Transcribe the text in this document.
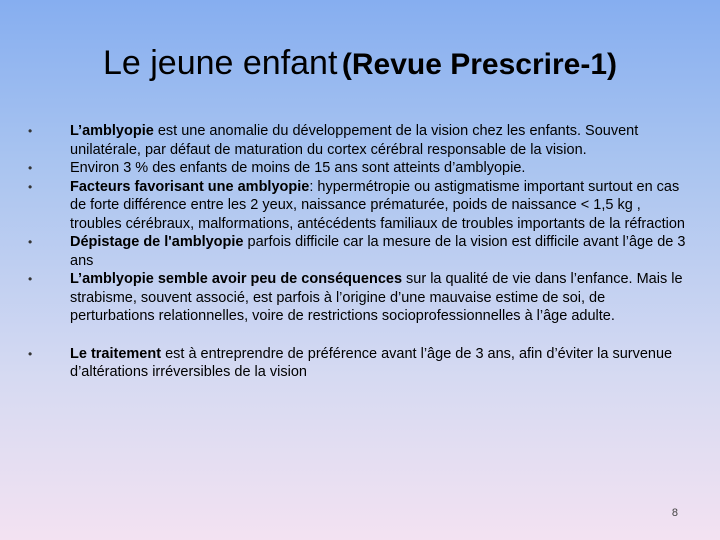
Le jeune enfant (Revue Prescrire-1)
•	L’amblyopie est une anomalie du développement de la vision chez les enfants. Souvent unilatérale, par défaut de maturation du cortex cérébral responsable de la vision.
•	Environ 3 % des enfants de moins de 15 ans sont atteints d’amblyopie.
•	Facteurs favorisant une amblyopie: hypermétropie ou astigmatisme important surtout en cas de forte différence entre les 2 yeux, naissance prématurée, poids de naissance < 1,5 kg , troubles cérébraux, malformations, antécédents familiaux de troubles importants de la réfraction
•	Dépistage de l'amblyopie parfois difficile car la mesure de la vision est difficile avant l’âge de 3 ans
•	L’amblyopie semble avoir peu de conséquences sur la qualité de vie dans l’enfance. Mais le strabisme, souvent associé, est parfois à l’origine d’une mauvaise estime de soi, de perturbations relationnelles, voire de restrictions socioprofessionnelles à l’âge adulte.
•	Le traitement est à entreprendre de préférence avant l’âge de 3 ans, afin d’éviter la survenue d’altérations irréversibles de la vision
8
